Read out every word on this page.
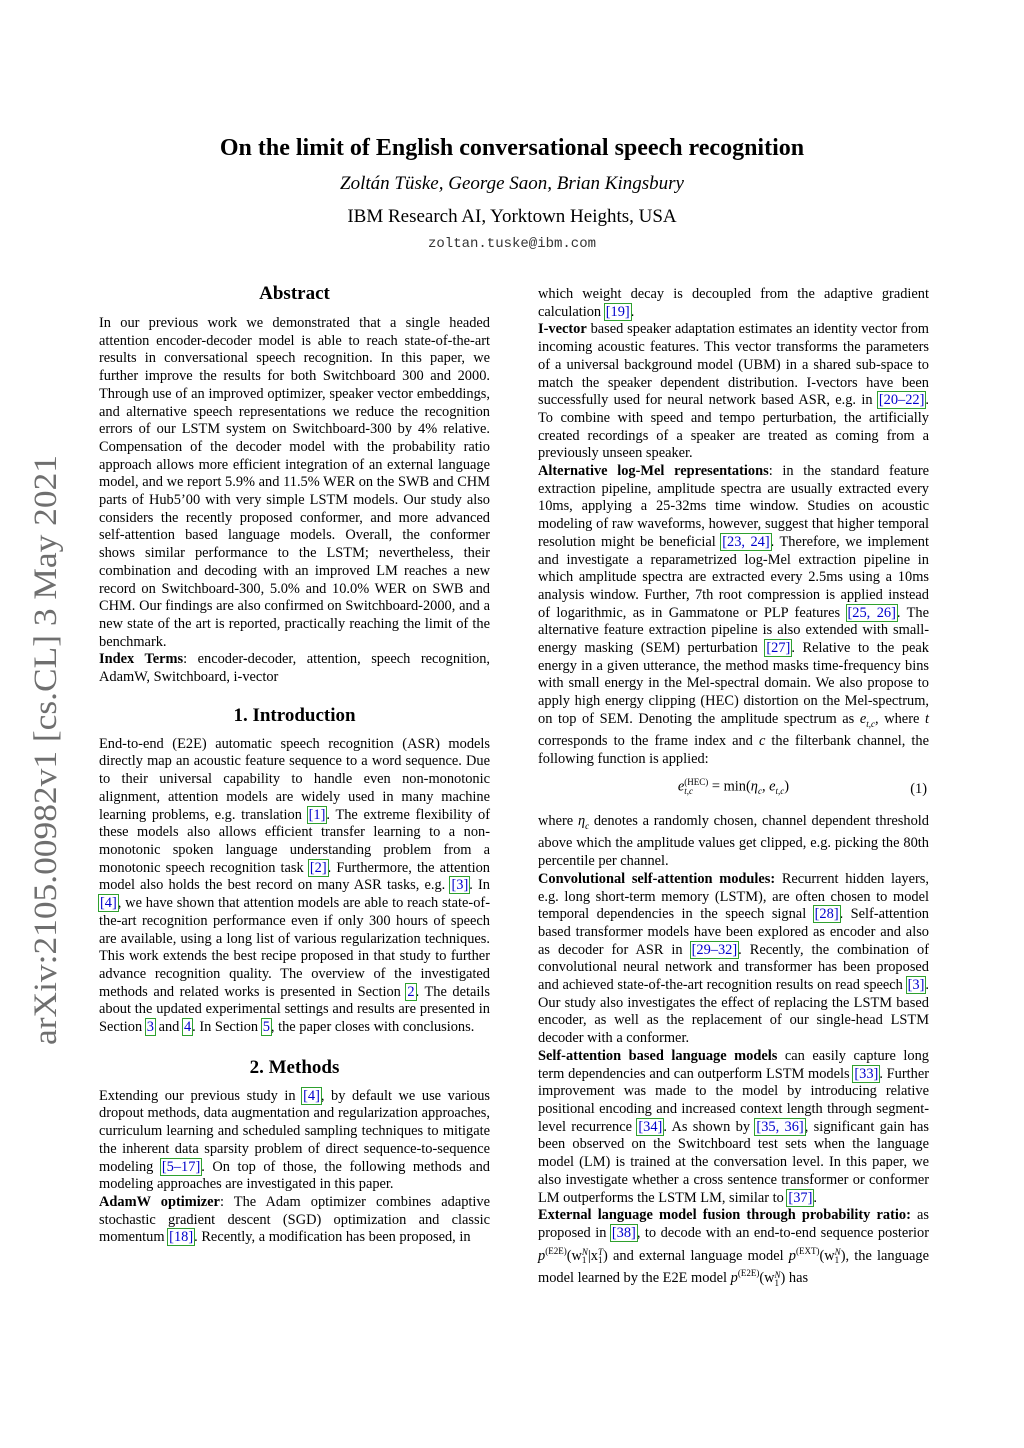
arXiv:2105.00982v1 [cs.CL] 3 May 2021
On the limit of English conversational speech recognition
Zoltán Tüske, George Saon, Brian Kingsbury
IBM Research AI, Yorktown Heights, USA
zoltan.tuske@ibm.com
Abstract

In our previous work we demonstrated that a single headed attention encoder-decoder model is able to reach state-of-the-art results in conversational speech recognition. In this paper, we further improve the results for both Switchboard 300 and 2000. Through use of an improved optimizer, speaker vector embeddings, and alternative speech representations we reduce the recognition errors of our LSTM system on Switchboard-300 by 4% relative. Compensation of the decoder model with the probability ratio approach allows more efficient integration of an external language model, and we report 5.9% and 11.5% WER on the SWB and CHM parts of Hub5’00 with very simple LSTM models. Our study also considers the recently proposed conformer, and more advanced self-attention based language models. Overall, the conformer shows similar performance to the LSTM; nevertheless, their combination and decoding with an improved LM reaches a new record on Switchboard-300, 5.0% and 10.0% WER on SWB and CHM. Our findings are also confirmed on Switchboard-2000, and a new state of the art is reported, practically reaching the limit of the benchmark.

Index Terms: encoder-decoder, attention, speech recognition, AdamW, Switchboard, i-vector

1. Introduction

End-to-end (E2E) automatic speech recognition (ASR) models directly map an acoustic feature sequence to a word sequence. Due to their universal capability to handle even non-monotonic alignment, attention models are widely used in many machine learning problems, e.g. translation [1]. The extreme flexibility of these models also allows efficient transfer learning to a non-monotonic spoken language understanding problem from a monotonic speech recognition task [2]. Furthermore, the attention model also holds the best record on many ASR tasks, e.g. [3]. In [4], we have shown that attention models are able to reach state-of-the-art recognition performance even if only 300 hours of speech are available, using a long list of various regularization techniques. This work extends the best recipe proposed in that study to further advance recognition quality. The overview of the investigated methods and related works is presented in Section 2. The details about the updated experimental settings and results are presented in Section 3 and 4. In Section 5, the paper closes with conclusions.

2. Methods

Extending our previous study in [4], by default we use various dropout methods, data augmentation and regularization approaches, curriculum learning and scheduled sampling techniques to mitigate the inherent data sparsity problem of direct sequence-to-sequence modeling [5–17]. On top of those, the following methods and modeling approaches are investigated in this paper.

AdamW optimizer: The Adam optimizer combines adaptive stochastic gradient descent (SGD) optimization and classic momentum [18]. Recently, a modification has been proposed, in

which weight decay is decoupled from the adaptive gradient calculation [19].

I-vector based speaker adaptation estimates an identity vector from incoming acoustic features. This vector transforms the parameters of a universal background model (UBM) in a shared sub-space to match the speaker dependent distribution. I-vectors have been successfully used for neural network based ASR, e.g. in [20–22]. To combine with speed and tempo perturbation, the artificially created recordings of a speaker are treated as coming from a previously unseen speaker.

Alternative log-Mel representations: in the standard feature extraction pipeline, amplitude spectra are usually extracted every 10ms, applying a 25-32ms time window. Studies on acoustic modeling of raw waveforms, however, suggest that higher temporal resolution might be beneficial [23, 24]. Therefore, we implement and investigate a reparametrized log-Mel extraction pipeline in which amplitude spectra are extracted every 2.5ms using a 10ms analysis window. Further, 7th root compression is applied instead of logarithmic, as in Gammatone or PLP features [25, 26]. The alternative feature extraction pipeline is also extended with small-energy masking (SEM) perturbation [27]. Relative to the peak energy in a given utterance, the method masks time-frequency bins with small energy in the Mel-spectral domain. We also propose to apply high energy clipping (HEC) distortion on the Mel-spectrum, on top of SEM. Denoting the amplitude spectrum as $e_{t,c}$, where t corresponds to the frame index and c the filterbank channel, the following function is applied:

e (HEC)
t,c	= $\min(\eta_c$, $e_{t,c}$)	(1)

where $\eta_c$ denotes a randomly chosen, channel dependent threshold above which the amplitude values get clipped, e.g. picking the 80th percentile per channel.

Convolutional self-attention modules: Recurrent hidden layers, e.g. long short-term memory (LSTM), are often chosen to model temporal dependencies in the speech signal [28]. Self-attention based transformer models have been explored as encoder and also as decoder for ASR in [29–32]. Recently, the combination of convolutional neural network and transformer has been proposed and achieved state-of-the-art recognition results on read speech [3]. Our study also investigates the effect of replacing the LSTM based encoder, as well as the replacement of our single-head LSTM decoder with a conformer.

Self-attention based language models can easily capture long term dependencies and can outperform LSTM models [33]. Further improvement was made to the model by introducing relative positional encoding and increased context length through segment-level recurrence [34]. As shown by [35, 36], significant gain has been observed on the Switchboard test sets when the language model (LM) is trained at the conversation level. In this paper, we also investigate whether a cross sentence transformer or conformer LM outperforms the LSTM LM, similar to [37].

External language model fusion through probability ratio: as proposed in [38], to decode with an end-to-end sequence posterior $p^{(E2E)}(w$ N
1 |x T
1 ) and external language model $p^{(EXT)}(w$ N
1 ), the language model learned by the E2E model $p^{(E2E)}(w$ N
1 ) has
